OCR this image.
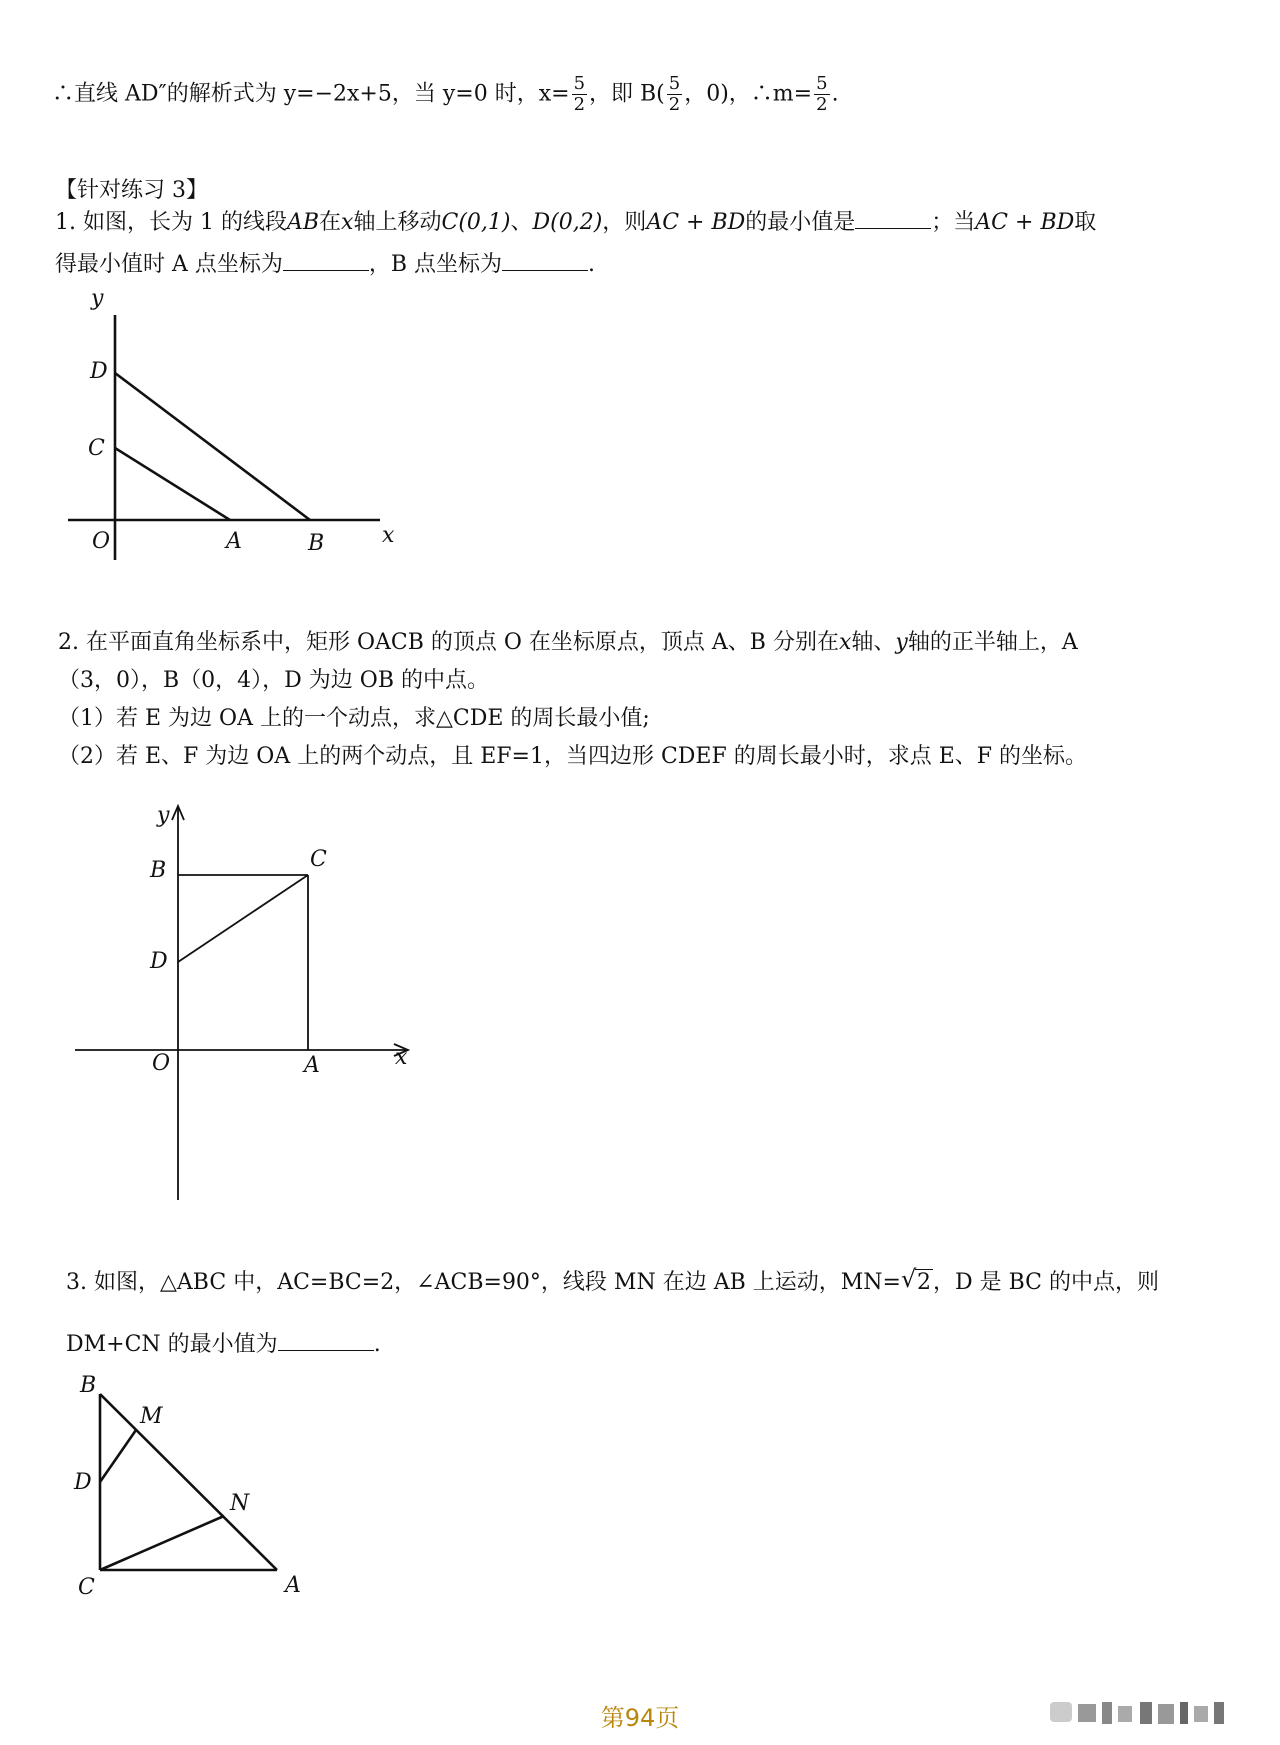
∴直线 AD″的解析式为 y=−2x+5，当 y=0 时，$x= \frac{5}{2}$ ，即 $B( \frac{5}{2}$ ，0)，∴m= $\frac{5}{2}$ .
【针对练习 3】
1. 如图，长为 1 的线段AB在x轴上移动C(0,1)、D(0,2)，则AC + BD的最小值是	；当AC + BD取
得最小值时 A 点坐标为	，B 点坐标为	.
y
D
C
O	A	B	x
y
B	C
D
O	A	x
B
M
D
N
C	A
2. 在平面直角坐标系中，矩形 OACB 的顶点 O 在坐标原点，顶点 A、B 分别在x轴、y轴的正半轴上，A
（3，0），B（0，4），D 为边 OB 的中点。
（1）若 E 为边 OA 上的一个动点，求△CDE 的周长最小值;
（2）若 E、F 为边 OA 上的两个动点，且 EF=1，当四边形 CDEF 的周长最小时，求点 E、F 的坐标。
3. 如图，△ABC 中，AC=BC=2，∠ACB=90°，线段 MN 在边 AB 上运动，MN= √ 2，D 是 BC 的中点，则
DM+CN 的最小值为	.
第94页
